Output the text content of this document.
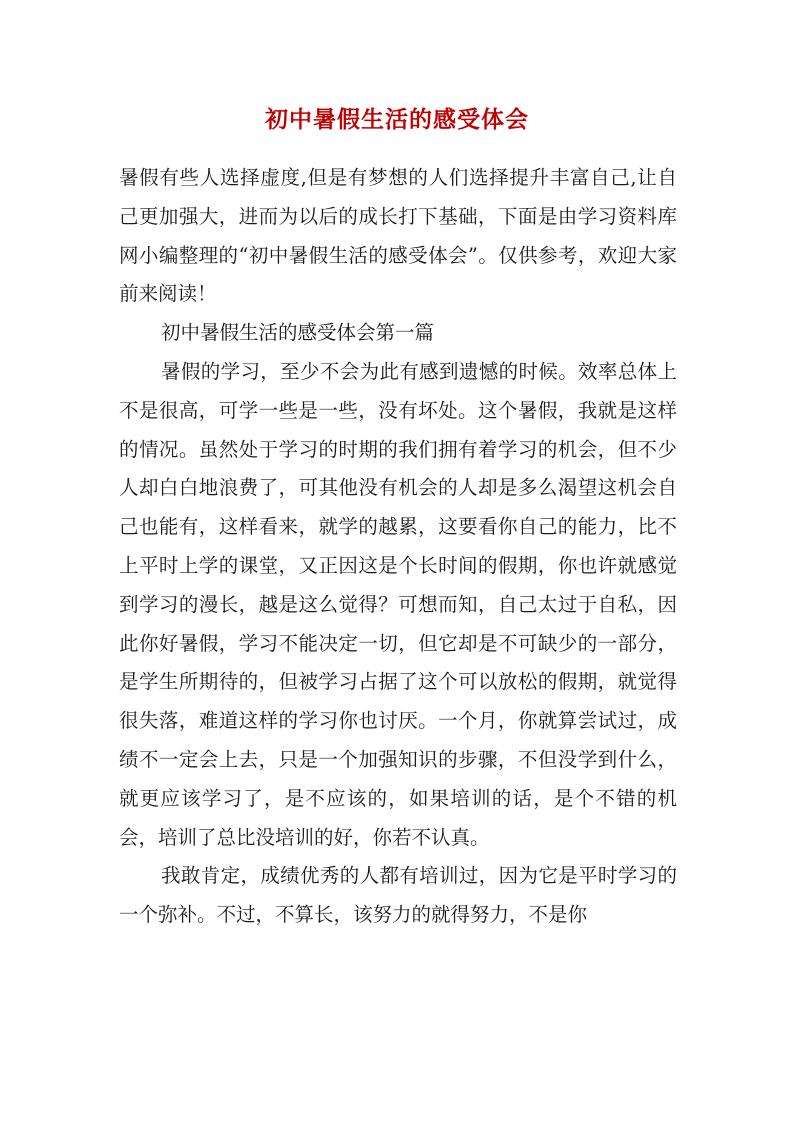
初中暑假生活的感受体会

暑假有些人选择虚度,但是有梦想的人们选择提升丰富自己,让自己更加强大，进而为以后的成长打下基础，下面是由学习资料库网小编整理的“初中暑假生活的感受体会”。仅供参考，欢迎大家前来阅读！

初中暑假生活的感受体会第一篇

暑假的学习，至少不会为此有感到遗憾的时候。效率总体上不是很高，可学一些是一些，没有坏处。这个暑假，我就是这样的情况。虽然处于学习的时期的我们拥有着学习的机会，但不少人却白白地浪费了，可其他没有机会的人却是多么渴望这机会自己也能有，这样看来，就学的越累，这要看你自己的能力，比不上平时上学的课堂，又正因这是个长时间的假期，你也许就感觉到学习的漫长，越是这么觉得？可想而知，自己太过于自私，因此你好暑假，学习不能决定一切，但它却是不可缺少的一部分，是学生所期待的，但被学习占据了这个可以放松的假期，就觉得很失落，难道这样的学习你也讨厌。一个月，你就算尝试过，成绩不一定会上去，只是一个加强知识的步骤，不但没学到什么，就更应该学习了，是不应该的，如果培训的话，是个不错的机会，培训了总比没培训的好，你若不认真。

我敢肯定，成绩优秀的人都有培训过，因为它是平时学习的一个弥补。不过，不算长，该努力的就得努力，不是你
